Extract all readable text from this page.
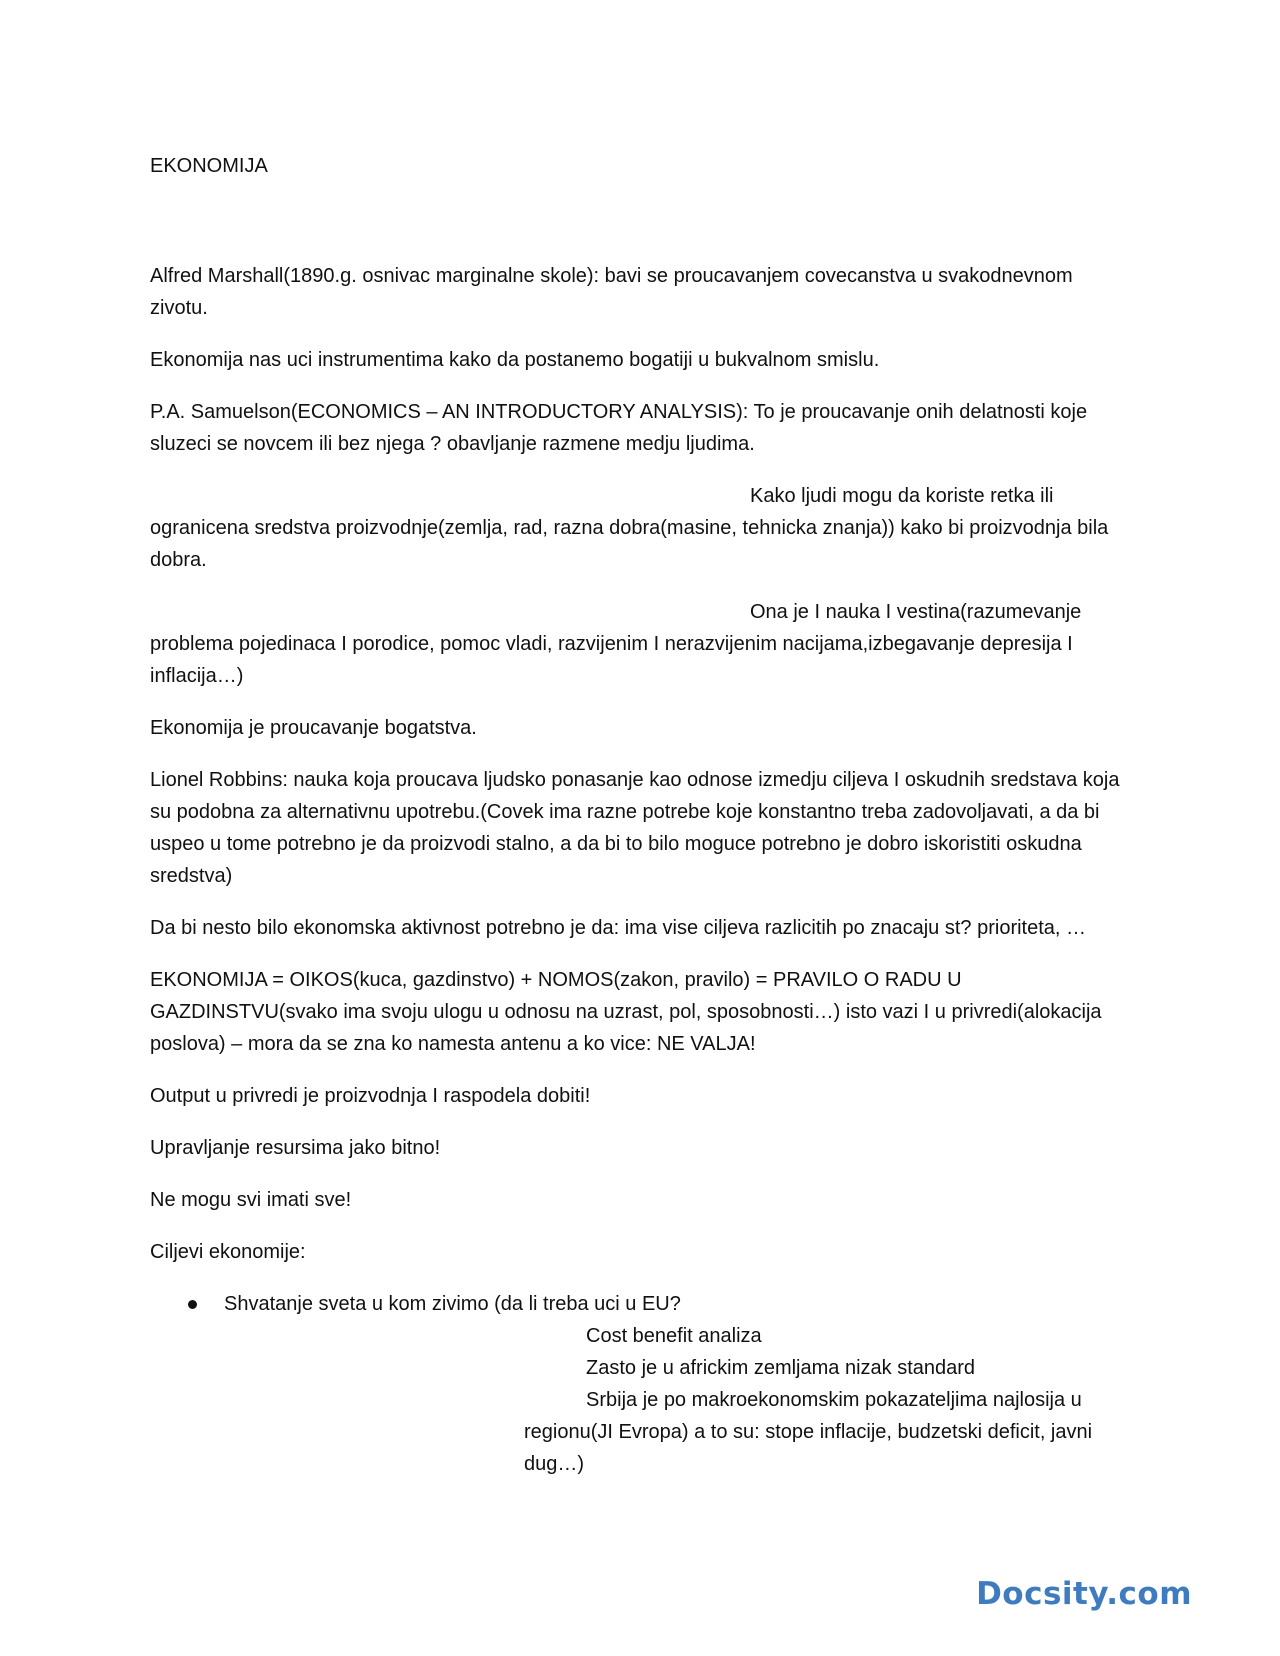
EKONOMIJA

Alfred Marshall(1890.g. osnivac marginalne skole): bavi se proucavanjem covecanstva u svakodnevnom zivotu.

Ekonomija nas uci instrumentima kako da postanemo bogatiji u bukvalnom smislu.

P.A. Samuelson(ECONOMICS – AN INTRODUCTORY ANALYSIS): To je proucavanje onih delatnosti koje sluzeci se novcem ili bez njega ? obavljanje razmene medju ljudima.

Kako ljudi mogu da koriste retka ili
ogranicena sredstva proizvodnje(zemlja, rad, razna dobra(masine, tehnicka znanja)) kako bi proizvodnja bila dobra.

Ona je I nauka I vestina(razumevanje
problema pojedinaca I porodice, pomoc vladi, razvijenim I nerazvijenim nacijama,izbegavanje depresija I inflacija…)

Ekonomija je proucavanje bogatstva.

Lionel Robbins: nauka koja proucava ljudsko ponasanje kao odnose izmedju ciljeva I oskudnih sredstava koja su podobna za alternativnu upotrebu.(Covek ima razne potrebe koje konstantno treba zadovoljavati, a da bi uspeo u tome potrebno je da proizvodi stalno, a da bi to bilo moguce potrebno je dobro iskoristiti oskudna sredstva)

Da bi nesto bilo ekonomska aktivnost potrebno je da: ima vise ciljeva razlicitih po znacaju st? prioriteta, …

EKONOMIJA = OIKOS(kuca, gazdinstvo) + NOMOS(zakon, pravilo) = PRAVILO O RADU U GAZDINSTVU(svako ima svoju ulogu u odnosu na uzrast, pol, sposobnosti…) isto vazi I u privredi(alokacija poslova) – mora da se zna ko namesta antenu a ko vice: NE VALJA!

Output u privredi je proizvodnja I raspodela dobiti!

Upravljanje resursima jako bitno!

Ne mogu svi imati sve!

Ciljevi ekonomije:

Shvatanje sveta u kom zivimo (da li treba uci u EU?
Cost benefit analiza
Zasto je u africkim zemljama nizak standard
Srbija je po makroekonomskim pokazateljima najlosija u
regionu(JI Evropa) a to su: stope inflacije, budzetski deficit, javni dug…)
Docsity.com
